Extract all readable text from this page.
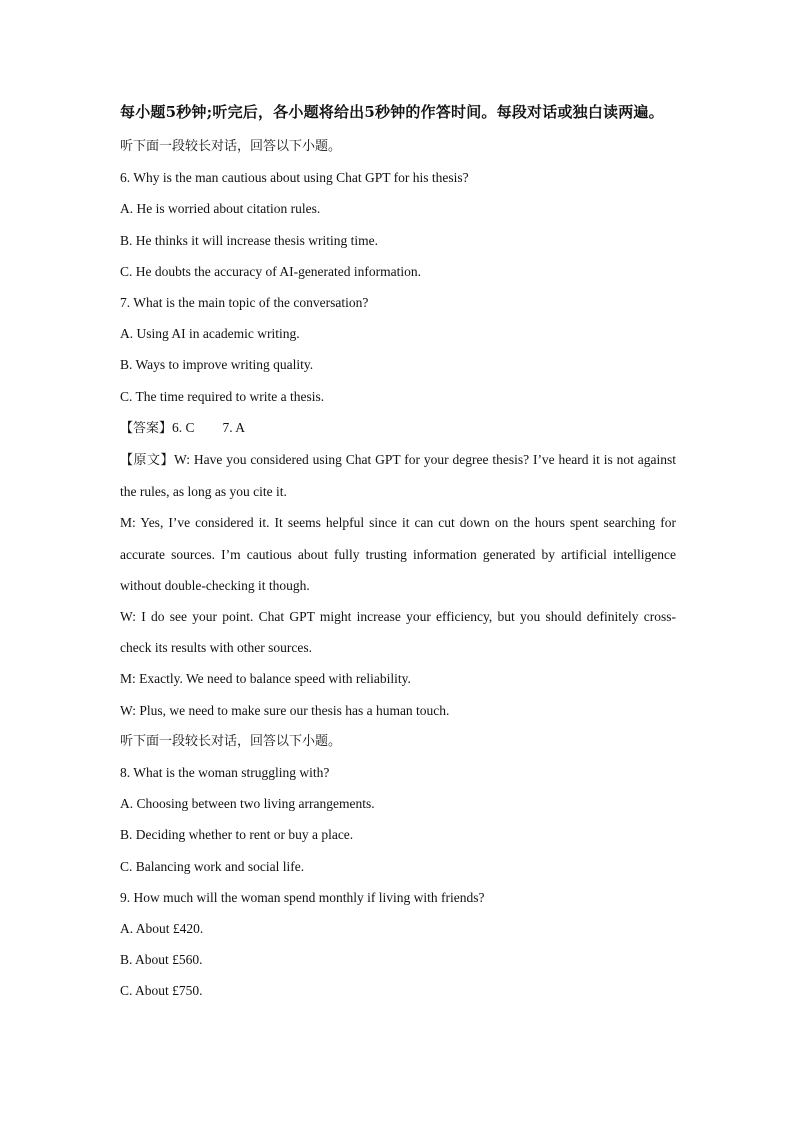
每小题5秒钟;听完后，各小题将给出5秒钟的作答时间。每段对话或独白读两遍。

听下面一段较长对话，回答以下小题。

6. Why is the man cautious about using Chat GPT for his thesis?

A. He is worried about citation rules.

B. He thinks it will increase thesis writing time.

C. He doubts the accuracy of AI-generated information.

7. What is the main topic of the conversation?

A. Using AI in academic writing.

B. Ways to improve writing quality.

C. The time required to write a thesis.

【答案】6. C 7. A

【原文】W: Have you considered using Chat GPT for your degree thesis? I’ve heard it is not against the rules, as long as you cite it.

M: Yes, I’ve considered it. It seems helpful since it can cut down on the hours spent searching for accurate sources. I’m cautious about fully trusting information generated by artificial intelligence without double-checking it though.

W: I do see your point. Chat GPT might increase your efficiency, but you should definitely cross-check its results with other sources.

M: Exactly. We need to balance speed with reliability.

W: Plus, we need to make sure our thesis has a human touch.

听下面一段较长对话，回答以下小题。

8. What is the woman struggling with?

A. Choosing between two living arrangements.

B. Deciding whether to rent or buy a place.

C. Balancing work and social life.

9. How much will the woman spend monthly if living with friends?

A. About £420.

B. About £560.

C. About £750.
